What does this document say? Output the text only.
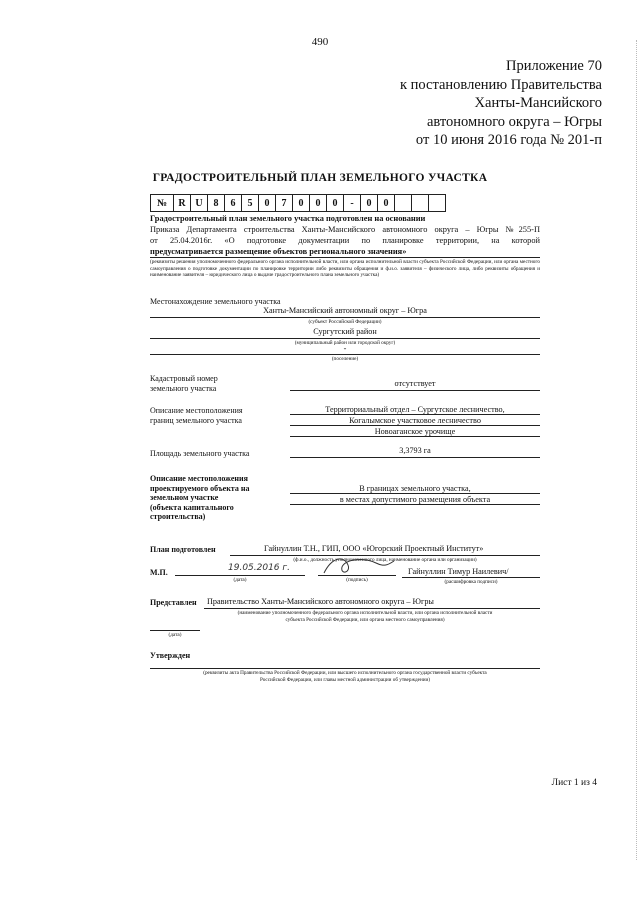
490
Приложение 70
к постановлению Правительства
Ханты-Мансийского
автономного округа – Югры
от 10 июня 2016 года № 201-п
ГРАДОСТРОИТЕЛЬНЫЙ ПЛАН ЗЕМЕЛЬНОГО УЧАСТКА
№	R	U	8	6	5	0	7	0	0	0	-	0	0			
Градостроительный план земельного участка подготовлен на основании
Приказа Департамента строительства Ханты-Мансийского автономного округа – Югры №255-П
от 25.04.2016г. «О подготовке документации по планировке территории, на которой
предусматривается размещение объектов регионального значения»
(реквизиты решения уполномоченного федерального органа исполнительной власти, или органа исполнительной власти субъекта Российской Федерации, или органа местного самоуправления о подготовке документации по планировке территории либо реквизиты обращения и ф.и.о. заявителя – физического лица, либо реквизиты обращения и наименование заявителя – юридического лица о выдаче градостроительного плана земельного участка)
Местонахождение земельного участка
Ханты-Мансийский автономный округ – Югра
(субъект Российской Федерации)
Сургутский район
(муниципальный район или городской округ)
-
(поселение)
Кадастровый номер
земельного участка	отсутствует
Описание местоположения
границ земельного участка
Территориальный отдел – Сургутское лесничество,
Когалымское участковое лесничество
Новоаганское урочище
Площадь земельного участка	3,3793 га
Описание местоположения
проектируемого объекта на
земельном участке
(объекта капитального
строительства)
В границах земельного участка,
в местах допустимого размещения объекта
План подготовлен	Гайнуллин Т.Н., ГИП, ООО «Югорский Проектный Институт»
(ф.и.о., должность уполномоченного лица, наименование органа или организации)
М.П.	19.05.2016 г.
(дата)	(подпись)
Гайнуллин Тимур Наилевич/
(расшифровка подписи)
Представлен Правительство Ханты-Мансийского автономного округа – Югры
(наименование уполномоченного федерального органа исполнительной власти, или органа исполнительной власти
субъекта Российской Федерации, или органа местного самоуправления)
(дата)
Утвержден
(реквизиты акта Правительства Российской Федерации, или высшего исполнительного органа государственной власти субъекта
Российской Федерации, или главы местной администрации об утверждении)
Лист 1 из 4
